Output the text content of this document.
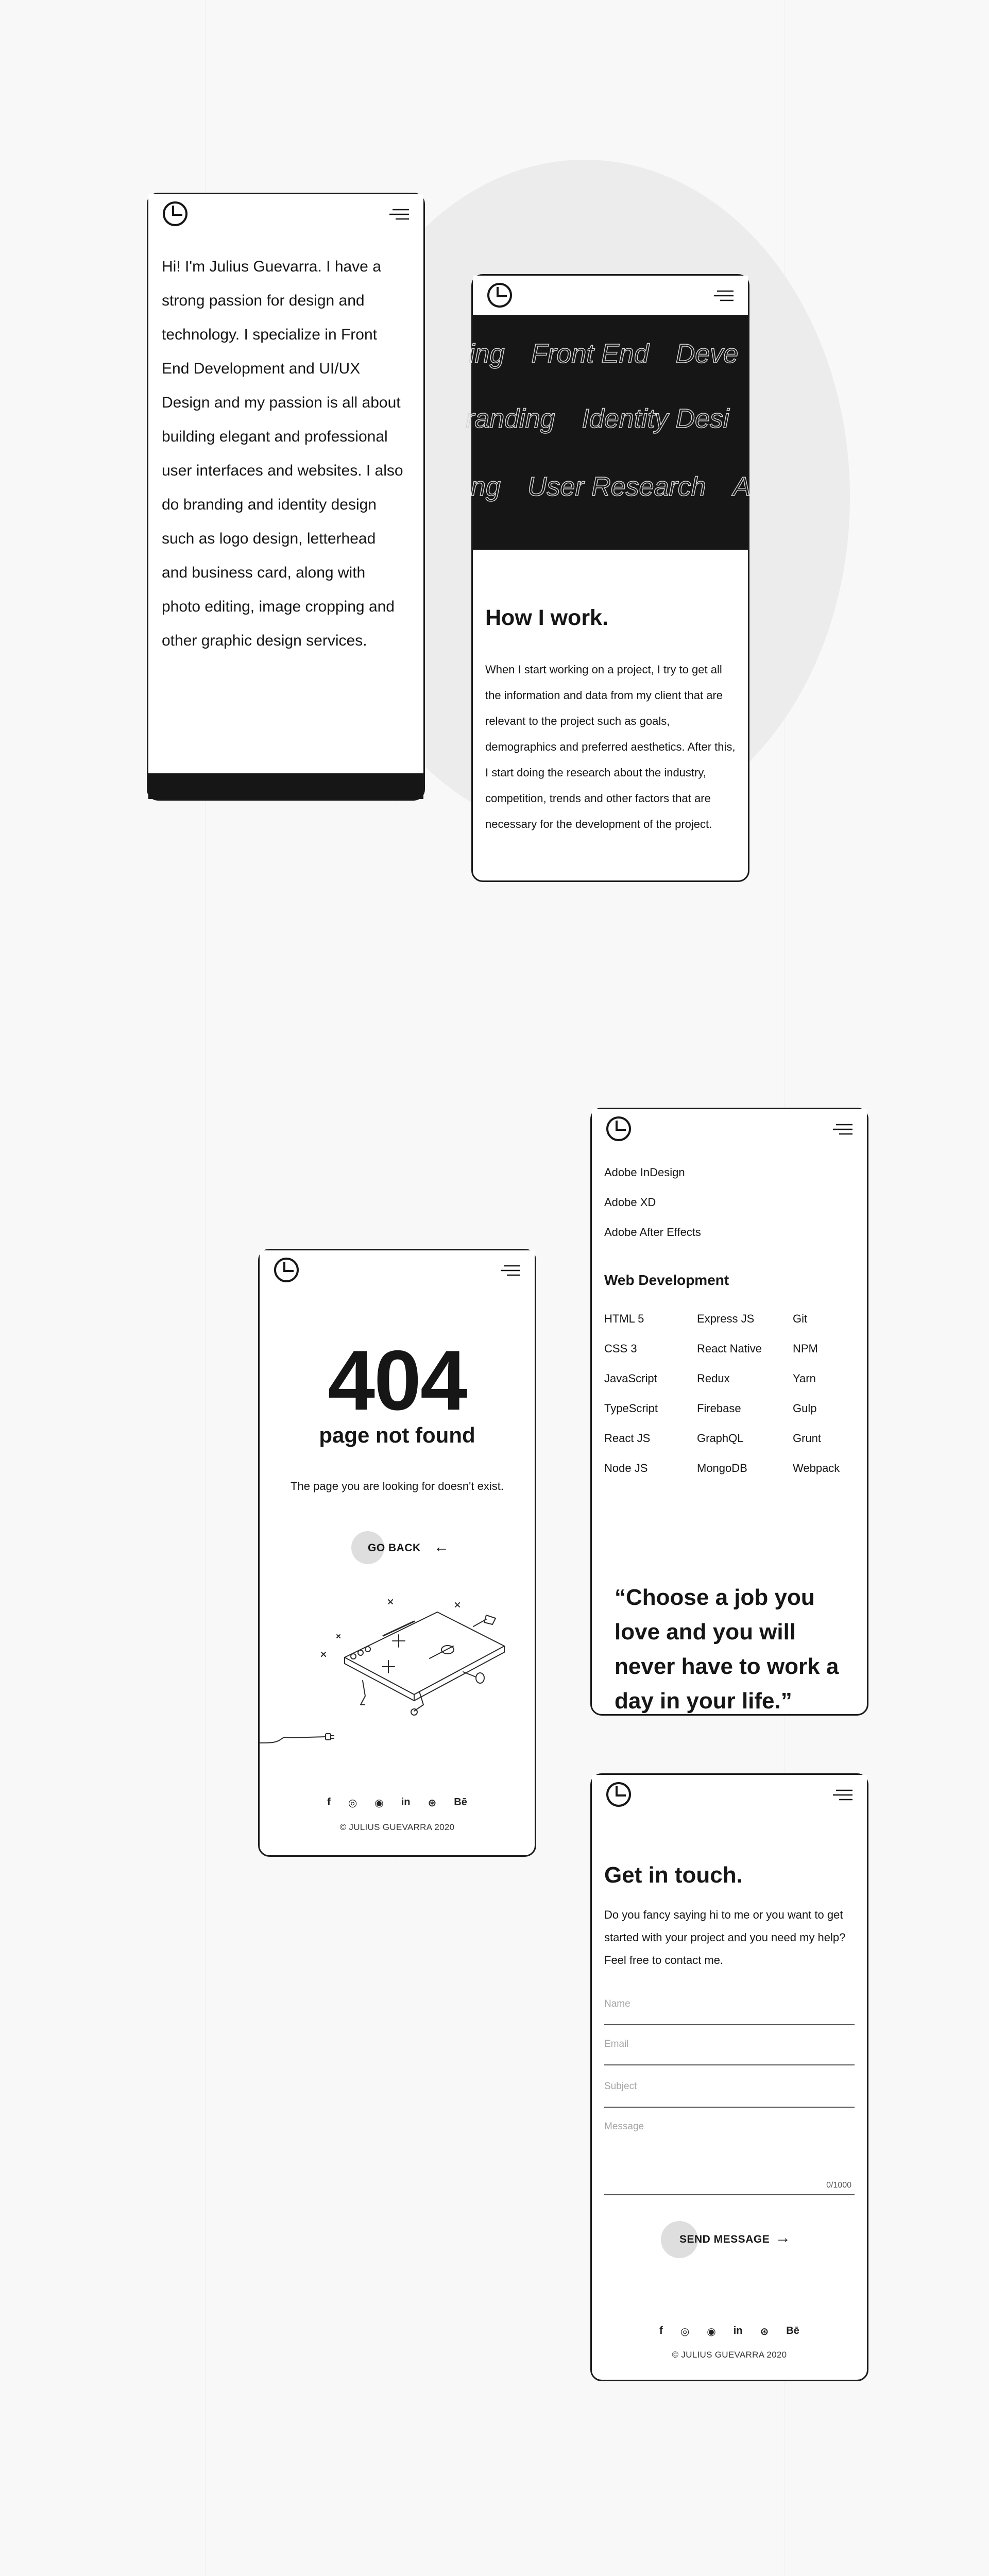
Hi! I'm Julius Guevarra. I have a strong passion for design and technology. I specialize in Front End Development and UI/UX Design and my passion is all about building elegant and professional user interfaces and websites. I also do branding and identity design such as logo design, letterhead and business card, along with photo editing, image cropping and other graphic design services.

ing Front End Deve
randing Identity Desi
ng User Research A
How I work.

When I start working on a project, I try to get all the information and data from my client that are relevant to the project such as goals, demographics and preferred aesthetics. After this, I start doing the research about the industry, competition, trends and other factors that are necessary for the development of the project.

404
page not found
The page you are looking for doesn't exist.
GO BACK ←
f ◎ ◉ in ⊛ Bē
© JULIUS GUEVARRA 2020
Adobe InDesign
Adobe XD
Adobe After Effects
Web Development
HTML 5
CSS 3
JavaScript
TypeScript
React JS
Node JS
Express JS
React Native
Redux
Firebase
GraphQL
MongoDB
Git
NPM
Yarn
Gulp
Grunt
Webpack

“Choose a job you love and you will never have to work a day in your life.”

Get in touch.

Do you fancy saying hi to me or you want to get started with your project and you need my help? Feel free to contact me.

Name
Email
Subject
Message
0/1000
SEND MESSAGE →
f ◎ ◉ in ⊛ Bē
© JULIUS GUEVARRA 2020
